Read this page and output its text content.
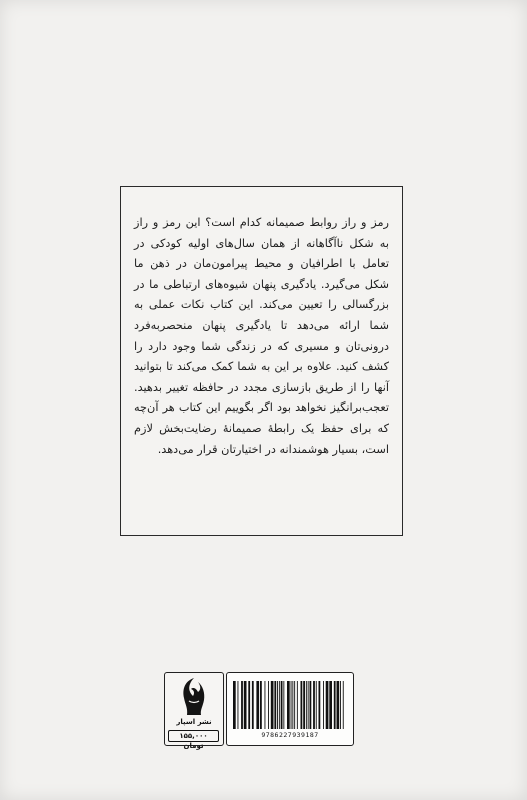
رمز و راز روابط صمیمانه کدام است؟ این رمز و راز به شکل ناآگاهانه از همان سال‌های اولیه کودکی در تعامل با اطرافیان و محیط پیرامون‌مان در ذهن ما شکل می‌گیرد. یادگیری پنهان شیوه‌های ارتباطی ما در بزرگسالی را تعیین می‌کند. این کتاب نکات عملی به شما ارائه می‌دهد تا یادگیری پنهان منحصربه‌فرد درونی‌تان و مسیری که در زندگی شما وجود دارد را کشف کنید. علاوه بر این به شما کمک می‌کند تا بتوانید آنها را از طریق بازسازی مجدد در حافظه تغییر بدهید. تعجب‌برانگیز نخواهد بود اگر بگوییم این کتاب هر آن‌چه که برای حفظ یک رابطهٔ صمیمانهٔ رضایت‌بخش لازم است، بسیار هوشمندانه در اختیارتان قرار می‌دهد.

نشر اسپار
۱۵۵,۰۰۰ تومان
9786227939187
